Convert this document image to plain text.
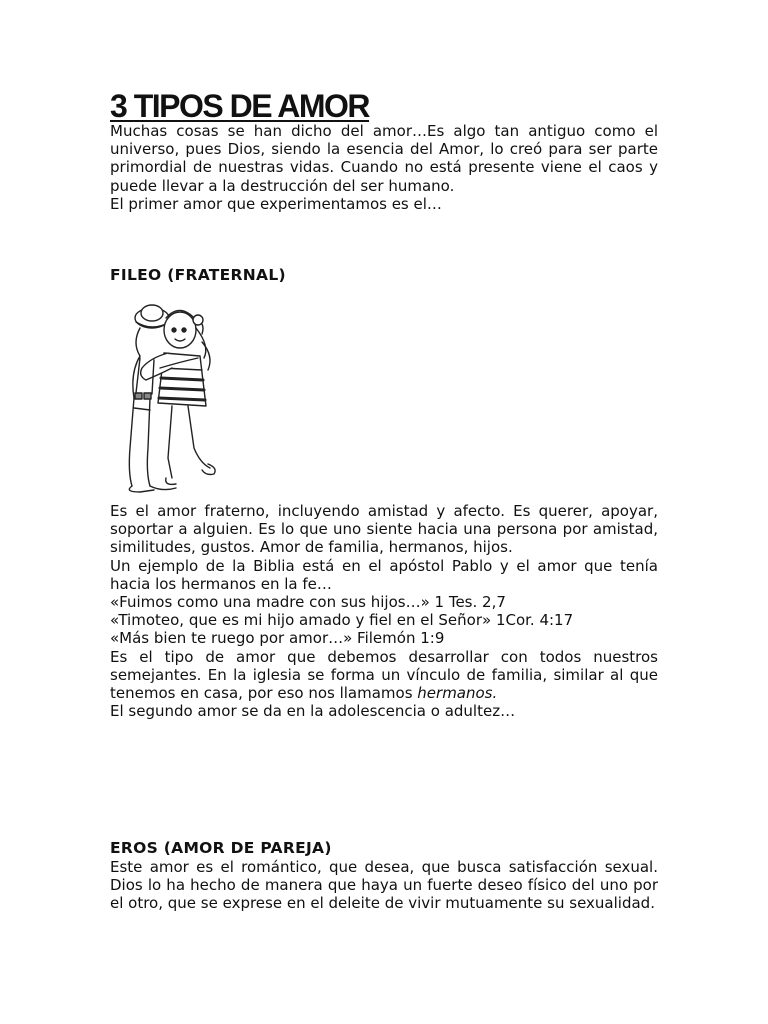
3 TIPOS DE AMOR

Muchas cosas se han dicho del amor…Es algo tan antiguo como el universo, pues Dios, siendo la esencia del Amor, lo creó para ser parte primordial de nuestras vidas. Cuando no está presente viene el caos y puede llevar a la destrucción del ser humano.

El primer amor que experimentamos es el…

FILEO (FRATERNAL)

Es el amor fraterno, incluyendo amistad y afecto. Es querer, apoyar, soportar a alguien. Es lo que uno siente hacia una persona por amistad, similitudes, gustos. Amor de familia, hermanos, hijos.

Un ejemplo de la Biblia está en el apóstol Pablo y el amor que tenía hacia los hermanos en la fe…

«Fuimos como una madre con sus hijos…» 1 Tes. 2,7

«Timoteo, que es mi hijo amado y fiel en el Señor» 1Cor. 4:17

«Más bien te ruego por amor…» Filemón 1:9

Es el tipo de amor que debemos desarrollar con todos nuestros semejantes. En la iglesia se forma un vínculo de familia, similar al que tenemos en casa, por eso nos llamamos hermanos.

El segundo amor se da en la adolescencia o adultez…

EROS (AMOR DE PAREJA)

Este amor es el romántico, que desea, que busca satisfacción sexual. Dios lo ha hecho de manera que haya un fuerte deseo físico del uno por el otro, que se exprese en el deleite de vivir mutuamente su sexualidad.
